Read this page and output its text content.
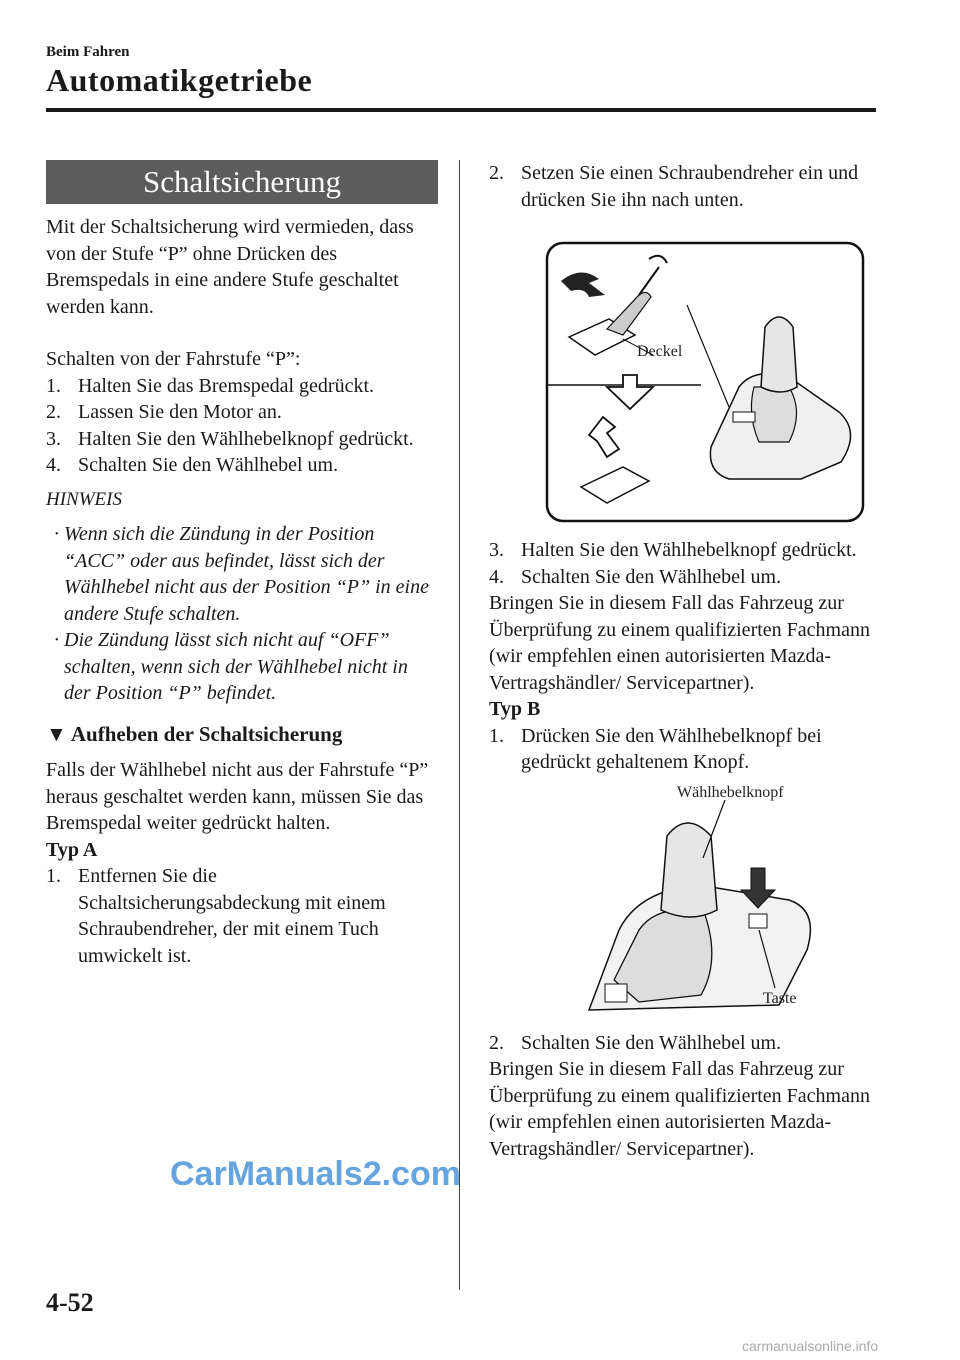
Beim Fahren
Automatikgetriebe
Schaltsicherung

Mit der Schaltsicherung wird vermieden, dass von der Stufe “P” ohne Drücken des Bremspedals in eine andere Stufe geschaltet werden kann.

Schalten von der Fahrstufe “P”:

1. Halten Sie das Bremspedal gedrückt.
2. Lassen Sie den Motor an.
3. Halten Sie den Wählhebelknopf gedrückt.
4. Schalten Sie den Wählhebel um.
HINWEIS
· Wenn sich die Zündung in der Position “ACC” oder aus befindet, lässt sich der Wählhebel nicht aus der Position “P” in eine andere Stufe schalten.
· Die Zündung lässt sich nicht auf “OFF” schalten, wenn sich der Wählhebel nicht in der Position “P” befindet.
▼ Aufheben der Schaltsicherung

Falls der Wählhebel nicht aus der Fahrstufe “P” heraus geschaltet werden kann, müssen Sie das Bremspedal weiter gedrückt halten.

Typ A
1. Entfernen Sie die Schaltsicherungsabdeckung mit einem Schraubendreher, der mit einem Tuch umwickelt ist.
2. Setzen Sie einen Schraubendreher ein und drücken Sie ihn nach unten.
Deckel
3. Halten Sie den Wählhebelknopf gedrückt.
4. Schalten Sie den Wählhebel um.

Bringen Sie in diesem Fall das Fahrzeug zur Überprüfung zu einem qualifizierten Fachmann (wir empfehlen einen autorisierten Mazda-Vertragshändler/ Servicepartner).

Typ B
1. Drücken Sie den Wählhebelknopf bei gedrückt gehaltenem Knopf.
Wählhebelknopf
Taste
2. Schalten Sie den Wählhebel um.

Bringen Sie in diesem Fall das Fahrzeug zur Überprüfung zu einem qualifizierten Fachmann (wir empfehlen einen autorisierten Mazda-Vertragshändler/ Servicepartner).

CarManuals2.com
4-52
carmanualsonline.info
